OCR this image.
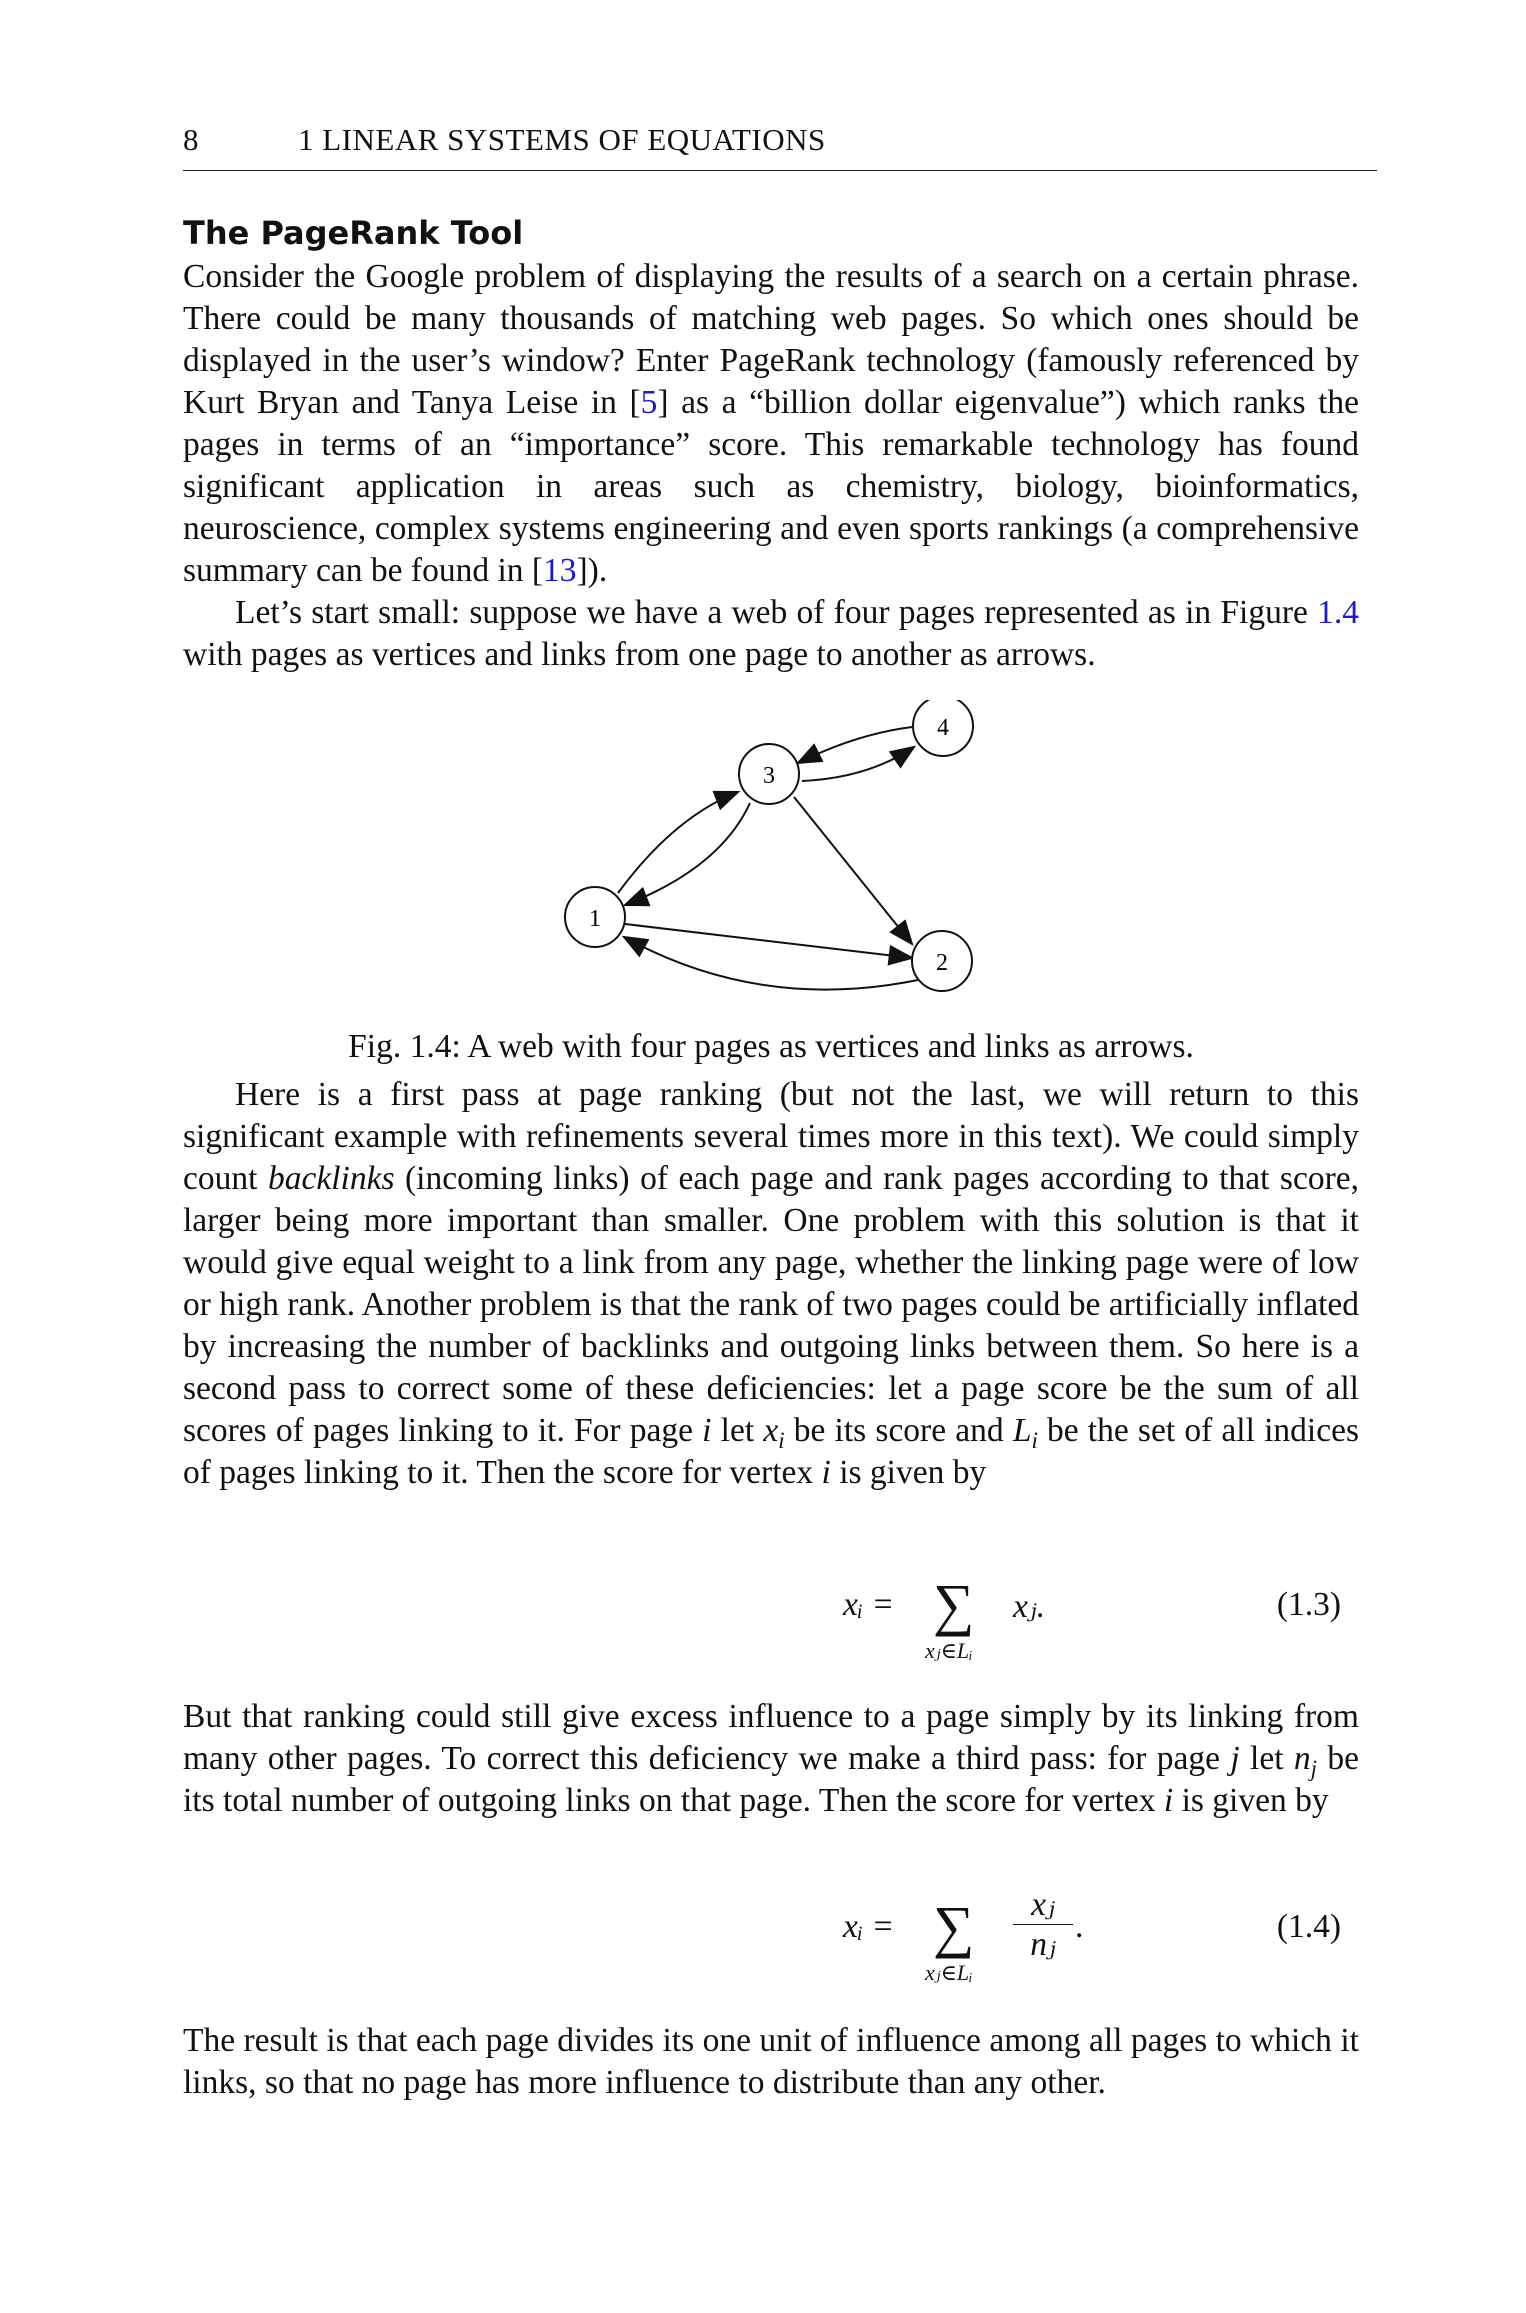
8	1 LINEAR SYSTEMS OF EQUATIONS
The PageRank Tool

Consider the Google problem of displaying the results of a search on a certain phrase. There could be many thousands of matching web pages. So which ones should be displayed in the user’s window? Enter PageRank technology (famously referenced by Kurt Bryan and Tanya Leise in [5] as a “billion dollar eigenvalue”) which ranks the pages in terms of an “importance” score. This remarkable technology has found significant application in areas such as chemistry, biology, bioinformatics, neuroscience, complex systems engineering and even sports rankings (a comprehensive summary can be found in [13]).

Let’s start small: suppose we have a web of four pages represented as in Figure 1.4 with pages as vertices and links from one page to another as arrows.

1
2
3
4
Fig. 1.4: A web with four pages as vertices and links as arrows.

Here is a first pass at page ranking (but not the last, we will return to this significant example with refinements several times more in this text). We could simply count backlinks (incoming links) of each page and rank pages according to that score, larger being more important than smaller. One problem with this solution is that it would give equal weight to a link from any page, whether the linking page were of low or high rank. Another problem is that the rank of two pages could be artificially inflated by increasing the number of backlinks and outgoing links between them. So here is a second pass to correct some of these deficiencies: let a page score be the sum of all scores of pages linking to it. For page i let $x_i$ be its score and $L_i$ be the set of all indices of pages linking to it. Then the score for vertex i is given by

xᵢ = ∑
xⱼ∈Lᵢ
xⱼ.	(1.3)

But that ranking could still give excess influence to a page simply by its linking from many other pages. To correct this deficiency we make a third pass: for page j let $n_j$ be its total number of outgoing links on that page. Then the score for vertex i is given by

xᵢ = ∑
xⱼ∈Lᵢ
$\frac{\text{xⱼ}}{\text{nⱼ}}$ .	(1.4)

The result is that each page divides its one unit of influence among all pages to which it links, so that no page has more influence to distribute than any other.
